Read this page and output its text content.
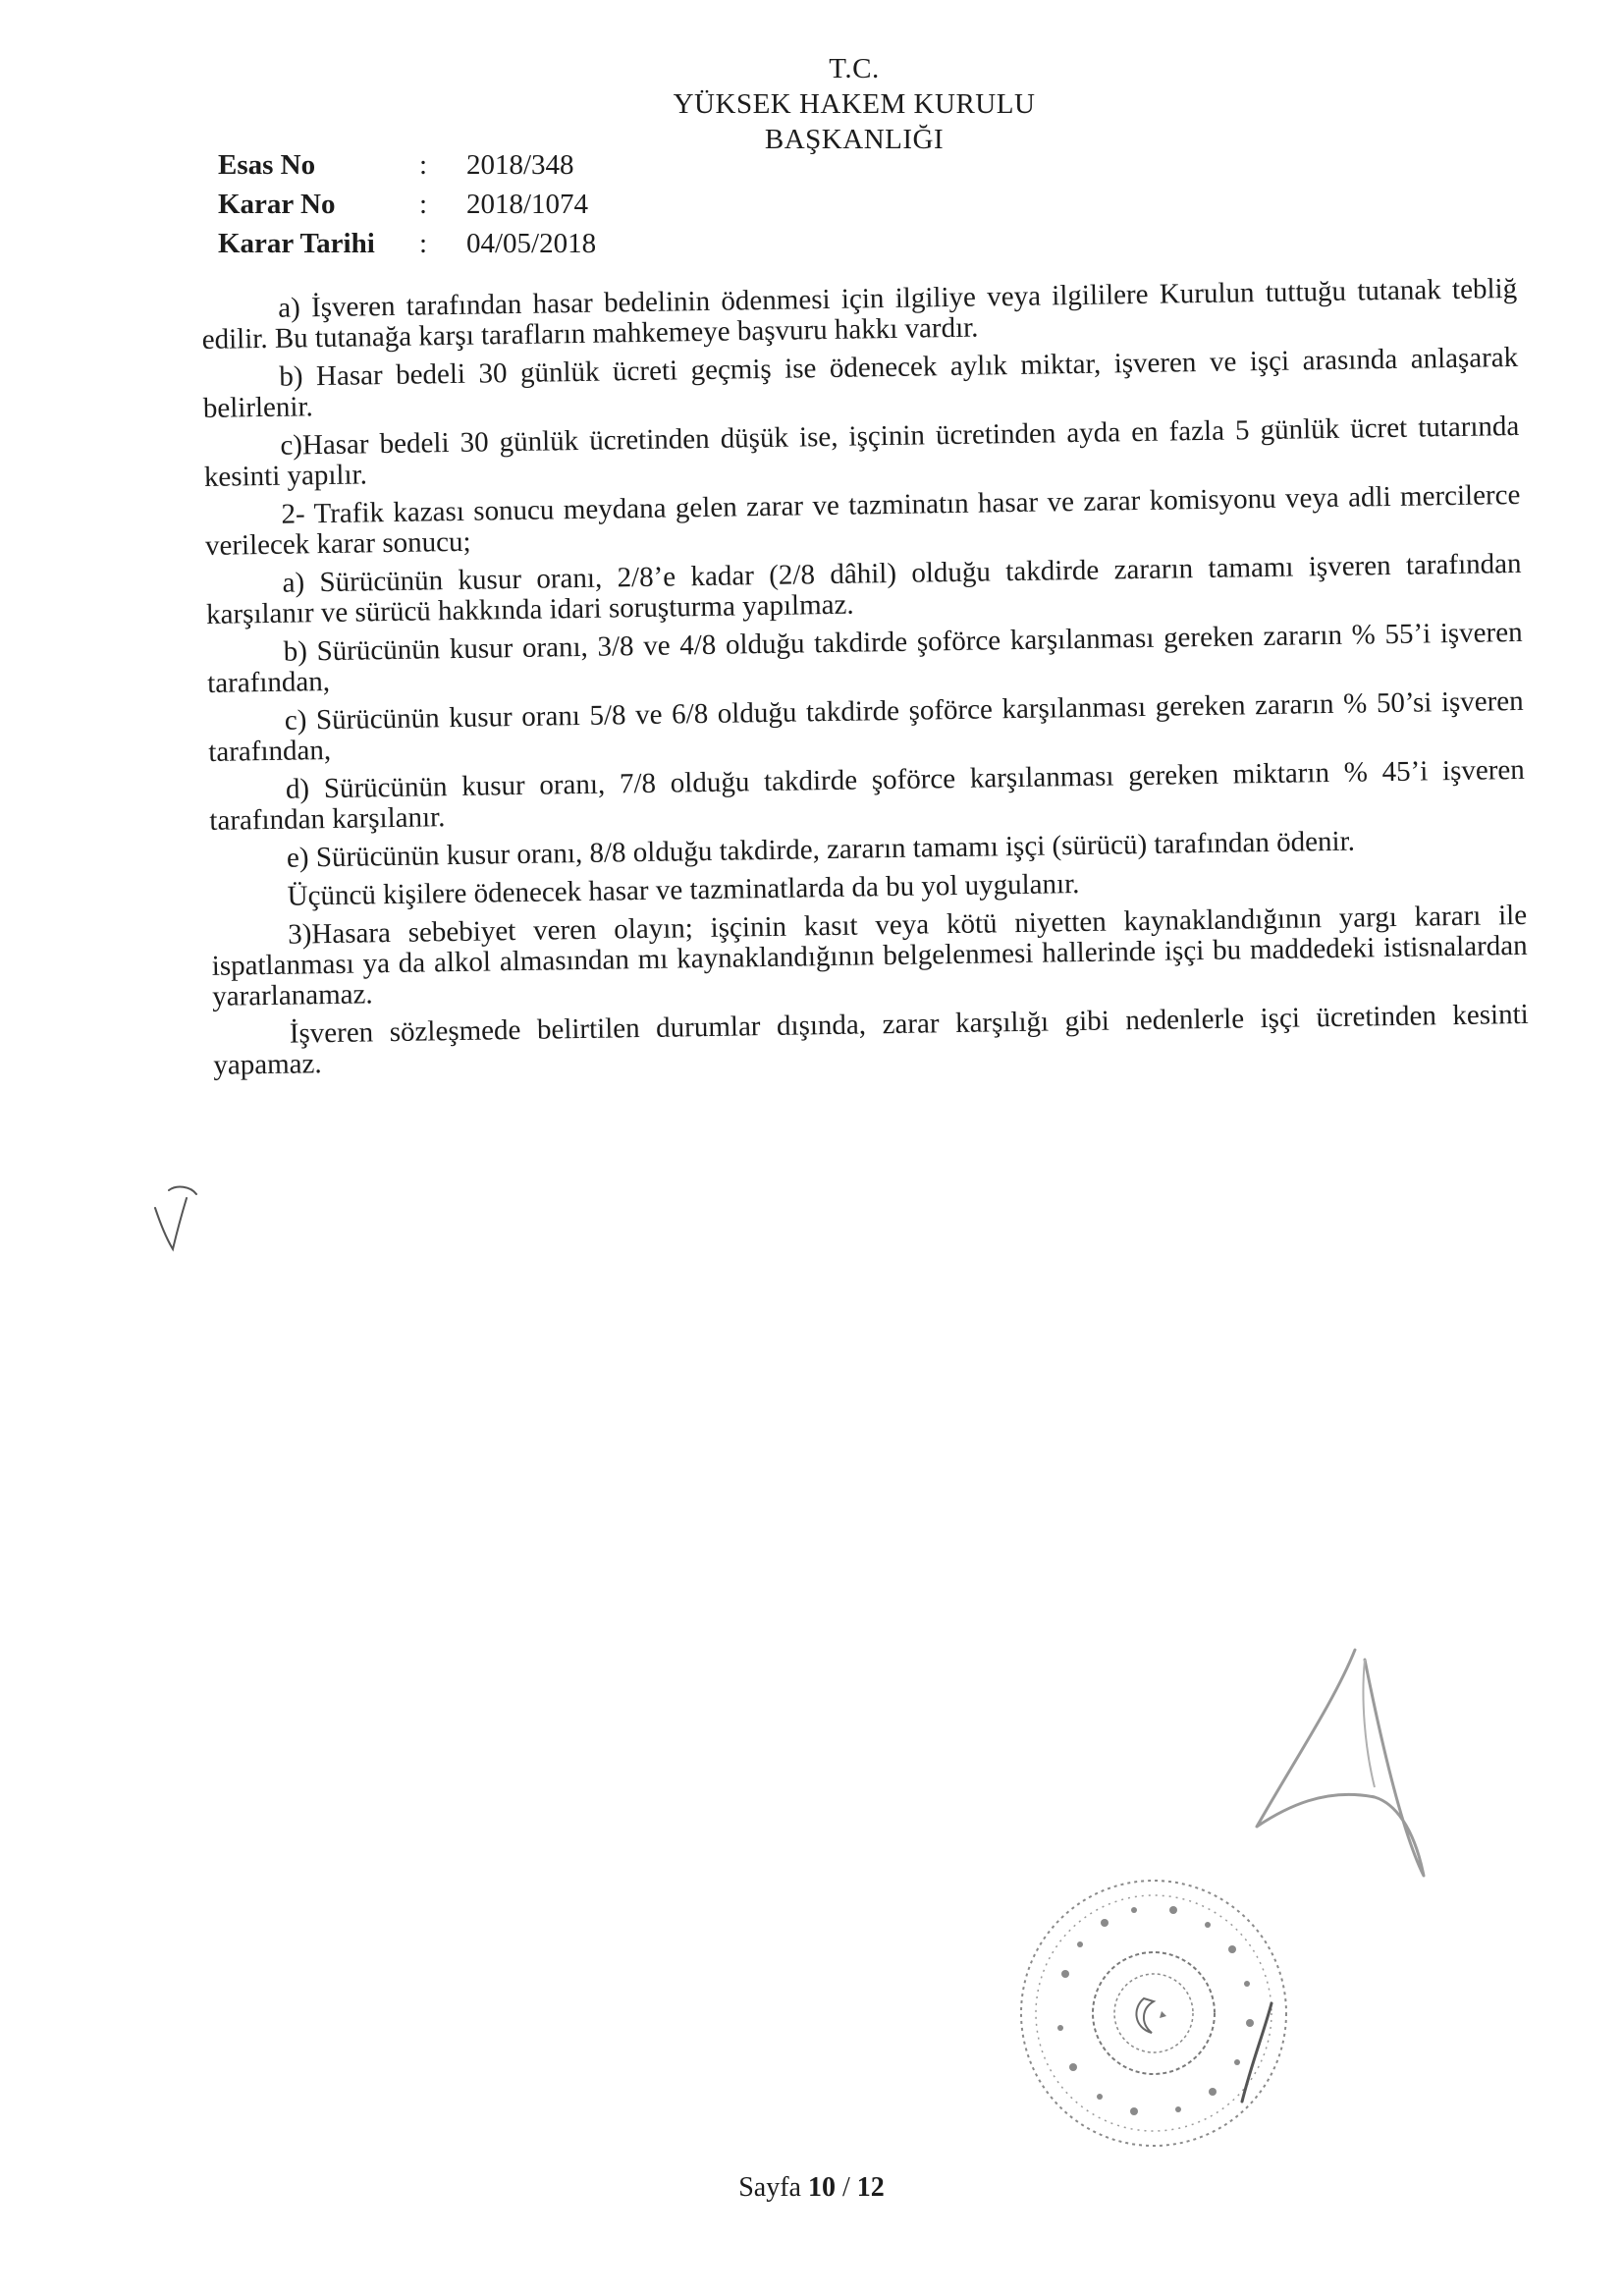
T.C.
YÜKSEK HAKEM KURULU
BAŞKANLIĞI
Esas No	:	2018/348
Karar No	:	2018/1074
Karar Tarihi	:	04/05/2018

a) İşveren tarafından hasar bedelinin ödenmesi için ilgiliye veya ilgililere Kurulun tuttuğu tutanak tebliğ edilir. Bu tutanağa karşı tarafların mahkemeye başvuru hakkı vardır.

b) Hasar bedeli 30 günlük ücreti geçmiş ise ödenecek aylık miktar, işveren ve işçi arasında anlaşarak belirlenir.

c)Hasar bedeli 30 günlük ücretinden düşük ise, işçinin ücretinden ayda en fazla 5 günlük ücret tutarında kesinti yapılır.

2- Trafik kazası sonucu meydana gelen zarar ve tazminatın hasar ve zarar komisyonu veya adli mercilerce verilecek karar sonucu;

a) Sürücünün kusur oranı, 2/8’e kadar (2/8 dâhil) olduğu takdirde zararın tamamı işveren tarafından karşılanır ve sürücü hakkında idari soruşturma yapılmaz.

b) Sürücünün kusur oranı, 3/8 ve 4/8 olduğu takdirde şoförce karşılanması gereken zararın % 55’i işveren tarafından,

c) Sürücünün kusur oranı 5/8 ve 6/8 olduğu takdirde şoförce karşılanması gereken zararın % 50’si işveren tarafından,

d) Sürücünün kusur oranı, 7/8 olduğu takdirde şoförce karşılanması gereken miktarın % 45’i işveren tarafından karşılanır.

e) Sürücünün kusur oranı, 8/8 olduğu takdirde, zararın tamamı işçi (sürücü) tarafından ödenir.

Üçüncü kişilere ödenecek hasar ve tazminatlarda da bu yol uygulanır.

3)Hasara sebebiyet veren olayın; işçinin kasıt veya kötü niyetten kaynaklandığının yargı kararı ile ispatlanması ya da alkol almasından mı kaynaklandığının belgelenmesi hallerinde işçi bu maddedeki istisnalardan yararlanamaz.

İşveren sözleşmede belirtilen durumlar dışında, zarar karşılığı gibi nedenlerle işçi ücretinden kesinti yapamaz.

Sayfa 10 / 12
